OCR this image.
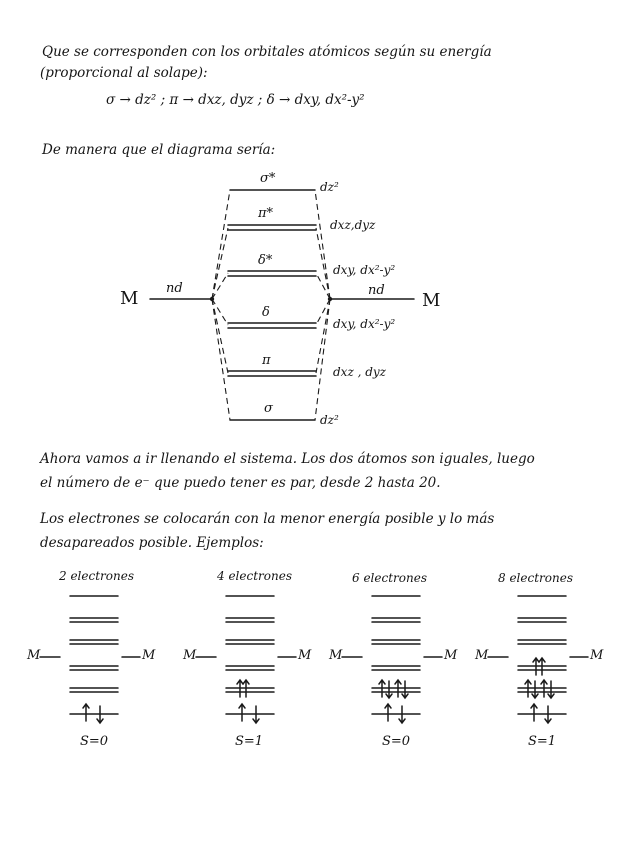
Que se corresponden con los orbitales atómicos según su energía
(proporcional al solape):
σ → dz² ; π → dxz, dyz ; δ → dxy, dx²-y²
De manera que el diagrama sería:
M	M
nd	nd
σ*
π*
δ*
δ
π
σ
dz²
dxz,dyz
dxy, dx²-y²
dxy, dx²-y²
dxz , dyz
dz²
Ahora vamos a ir llenando el sistema. Los dos átomos son iguales, luego
el número de e⁻ que puedo tener es par, desde 2 hasta 20.
Los electrones se colocarán con la menor energía posible y lo más
desapareados posible. Ejemplos:
2 electrones	4 electrones	6 electrones	8 electrones
M	M M	M M	M M	M
S=0	S=1	S=0	S=1
